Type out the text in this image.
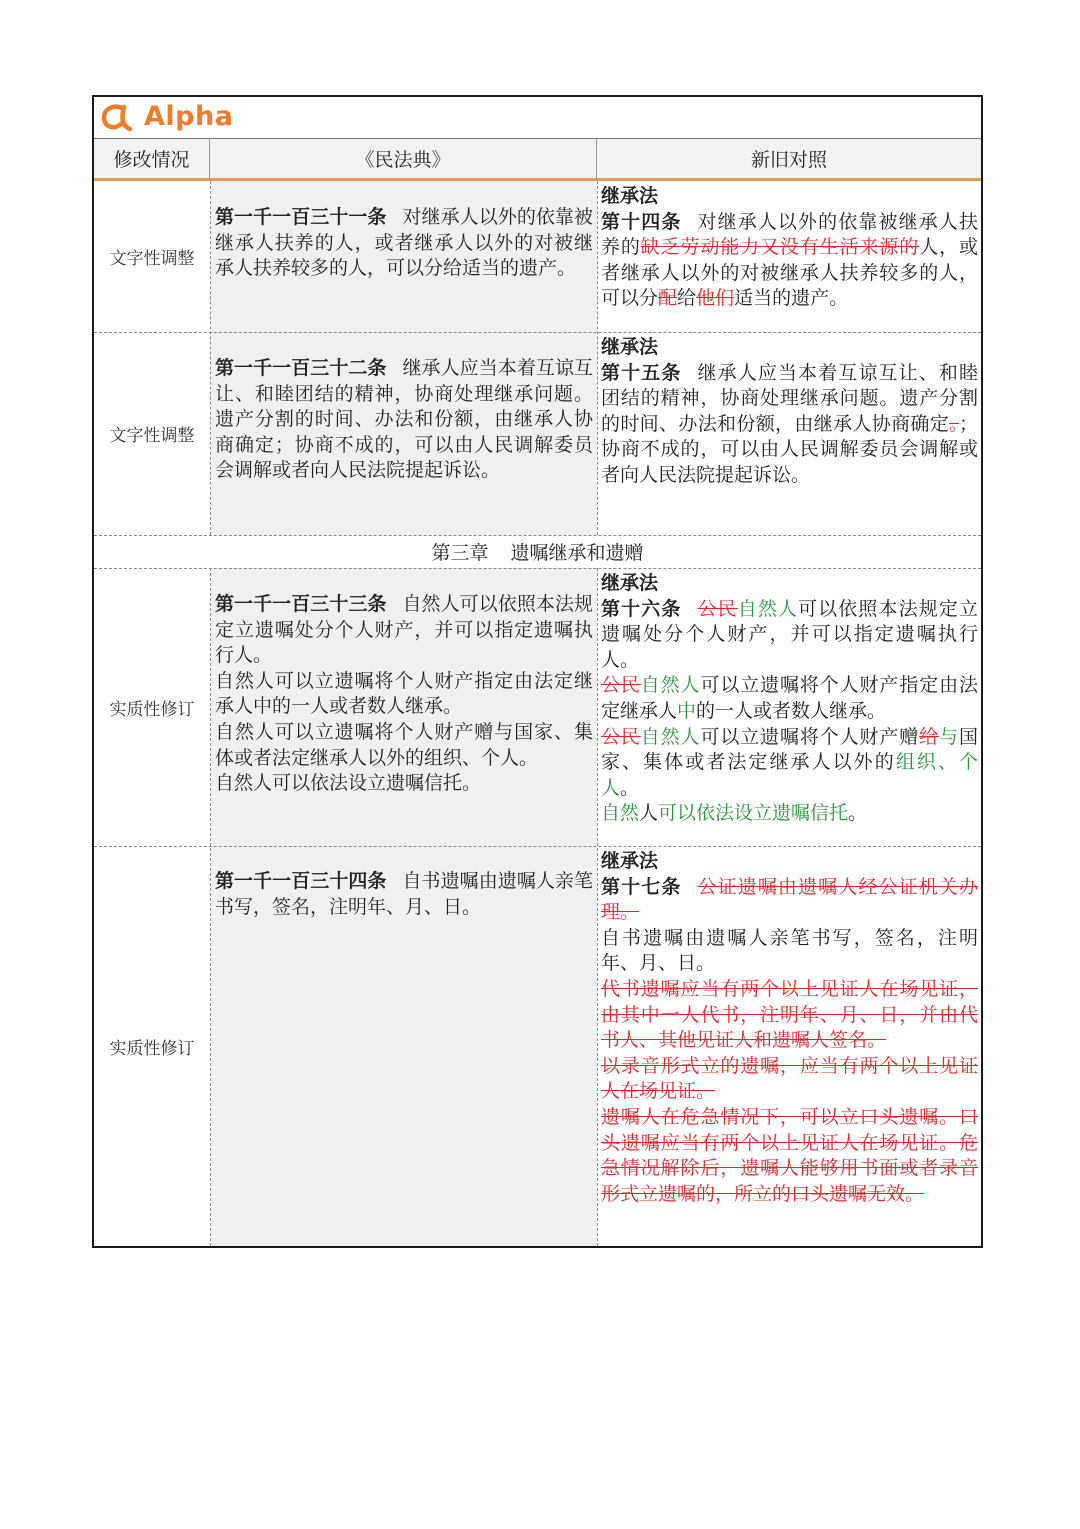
Alpha
修改情况	《民法典》	新旧对照
文字性调整
第一千一百三十一条 对继承人以外的依靠被继承人扶养的人，或者继承人以外的对被继承人扶养较多的人，可以分给适当的遗产。
继承法
第十四条 对继承人以外的依靠被继承人扶养的缺乏劳动能力又没有生活来源的人，或者继承人以外的对被继承人扶养较多的人，可以分配给他们适当的遗产。
文字性调整
第一千一百三十二条 继承人应当本着互谅互让、和睦团结的精神，协商处理继承问题。遗产分割的时间、办法和份额，由继承人协商确定；协商不成的，可以由人民调解委员会调解或者向人民法院提起诉讼。
继承法
第十五条 继承人应当本着互谅互让、和睦团结的精神，协商处理继承问题。遗产分割的时间、办法和份额，由继承人协商确定。；协商不成的，可以由人民调解委员会调解或者向人民法院提起诉讼。
第三章 遗嘱继承和遗赠
实质性修订
第一千一百三十三条 自然人可以依照本法规定立遗嘱处分个人财产，并可以指定遗嘱执行人。
自然人可以立遗嘱将个人财产指定由法定继承人中的一人或者数人继承。
自然人可以立遗嘱将个人财产赠与国家、集体或者法定继承人以外的组织、个人。
自然人可以依法设立遗嘱信托。
继承法
第十六条 公民自然人可以依照本法规定立遗嘱处分个人财产，并可以指定遗嘱执行人。
公民自然人可以立遗嘱将个人财产指定由法定继承人中的一人或者数人继承。
公民自然人可以立遗嘱将个人财产赠给与国家、集体或者法定继承人以外的组织、个人。
自然人可以依法设立遗嘱信托。
实质性修订
第一千一百三十四条 自书遗嘱由遗嘱人亲笔书写，签名，注明年、月、日。
继承法
第十七条 公证遗嘱由遗嘱人经公证机关办理。
自书遗嘱由遗嘱人亲笔书写，签名，注明年、月、日。
代书遗嘱应当有两个以上见证人在场见证，由其中一人代书，注明年、月、日，并由代书人、其他见证人和遗嘱人签名。
以录音形式立的遗嘱，应当有两个以上见证人在场见证。
遗嘱人在危急情况下，可以立口头遗嘱。口头遗嘱应当有两个以上见证人在场见证。危急情况解除后，遗嘱人能够用书面或者录音形式立遗嘱的，所立的口头遗嘱无效。
